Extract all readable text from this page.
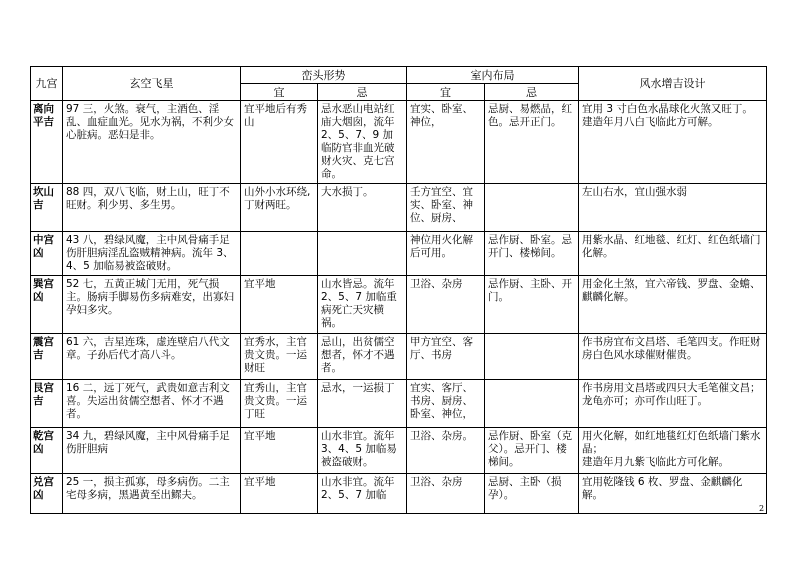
九宫	玄空飞星	峦头形势		室内布局		风水增吉设计
		宜	忌	宜	忌	

离向
平吉	97 三，火煞。衰气，主酒色、淫乱、血症血光。见水为祸，不利少女心脏病。恶妇是非。	宜平地后有秀山	忌水恶山电站红庙大烟囱，流年 2、5、7、9 加临防官非血光破财火灾、克七宫命。	宜实、卧室、神位，	忌厨、易燃品，红色。忌开正门。	宜用 3 寸白色水晶球化火煞又旺丁。
建造年月八白飞临此方可解。

坎山
吉	88 四，双八飞临，财上山，旺丁不旺财。利少男、多生男。	山外小水环绕, 丁财两旺。	大水损丁。	壬方宜空、宜实、卧室、神位、厨房、		左山右水，宜山强水弱

中宫
凶	43 八，碧绿风魔，主中风骨痛手足伤肝胆病淫乱盗贼精神病。流年 3、4、5 加临易被盗破财。			神位用火化解后可用。	忌作厨、卧室。忌开门、楼梯间。	用紫水晶、红地毯、红灯、红色纸墙门化解。

巽宫
凶	52 七，五黄正城门无用，死气损主。肠病手脚易伤多病难安，出寡妇孕妇多灾。	宜平地	山水皆忌。流年 2、5、7 加临重病死亡天灾横祸。	卫浴、杂房	忌作厨、主卧、开门。	用金化土煞，宜六帝钱、罗盘、金蟾、麒麟化解。

震宫
吉	61 六，吉星连珠，虚连壁启八代文章。子孙后代才高八斗。	宜秀水，主官贵文贵。一运财旺	忌山，出贫儒空想者，怀才不遇者。	甲方宜空、客厅、书房		作书房宜布文昌塔、毛笔四支。作旺财房白色风水球催财催贵。

艮宫
吉	16 二，远丁死气，武贵如意吉利文喜。失运出贫儒空想者、怀才不遇者。	宜秀山，主官贵文贵。一运丁旺	忌水，一运损丁	宜实、客厅、书房、厨房、卧室、神位，		作书房用文昌塔或四只大毛笔催文昌；龙龟亦可；亦可作山旺丁。

乾宫
凶	34 九，碧绿风魔，主中风骨痛手足伤肝胆病	宜平地	山水非宜。流年 3、4、5 加临易被盗破财。	卫浴、杂房。	忌作厨、卧室（克父）。忌开门、楼梯间。	用火化解，如红地毯红灯色纸墙门紫水晶；
建造年月九紫飞临此方可化解。

兑宫
凶	25 一，损主孤寡，母多病伤。二主宅母多病，黑遇黄至出鳏夫。	宜平地	山水非宜。流年 2、5、7 加临	卫浴、杂房	忌厨、主卧（损孕）。	宜用乾隆钱 6 枚、罗盘、金麒麟化解。
2
